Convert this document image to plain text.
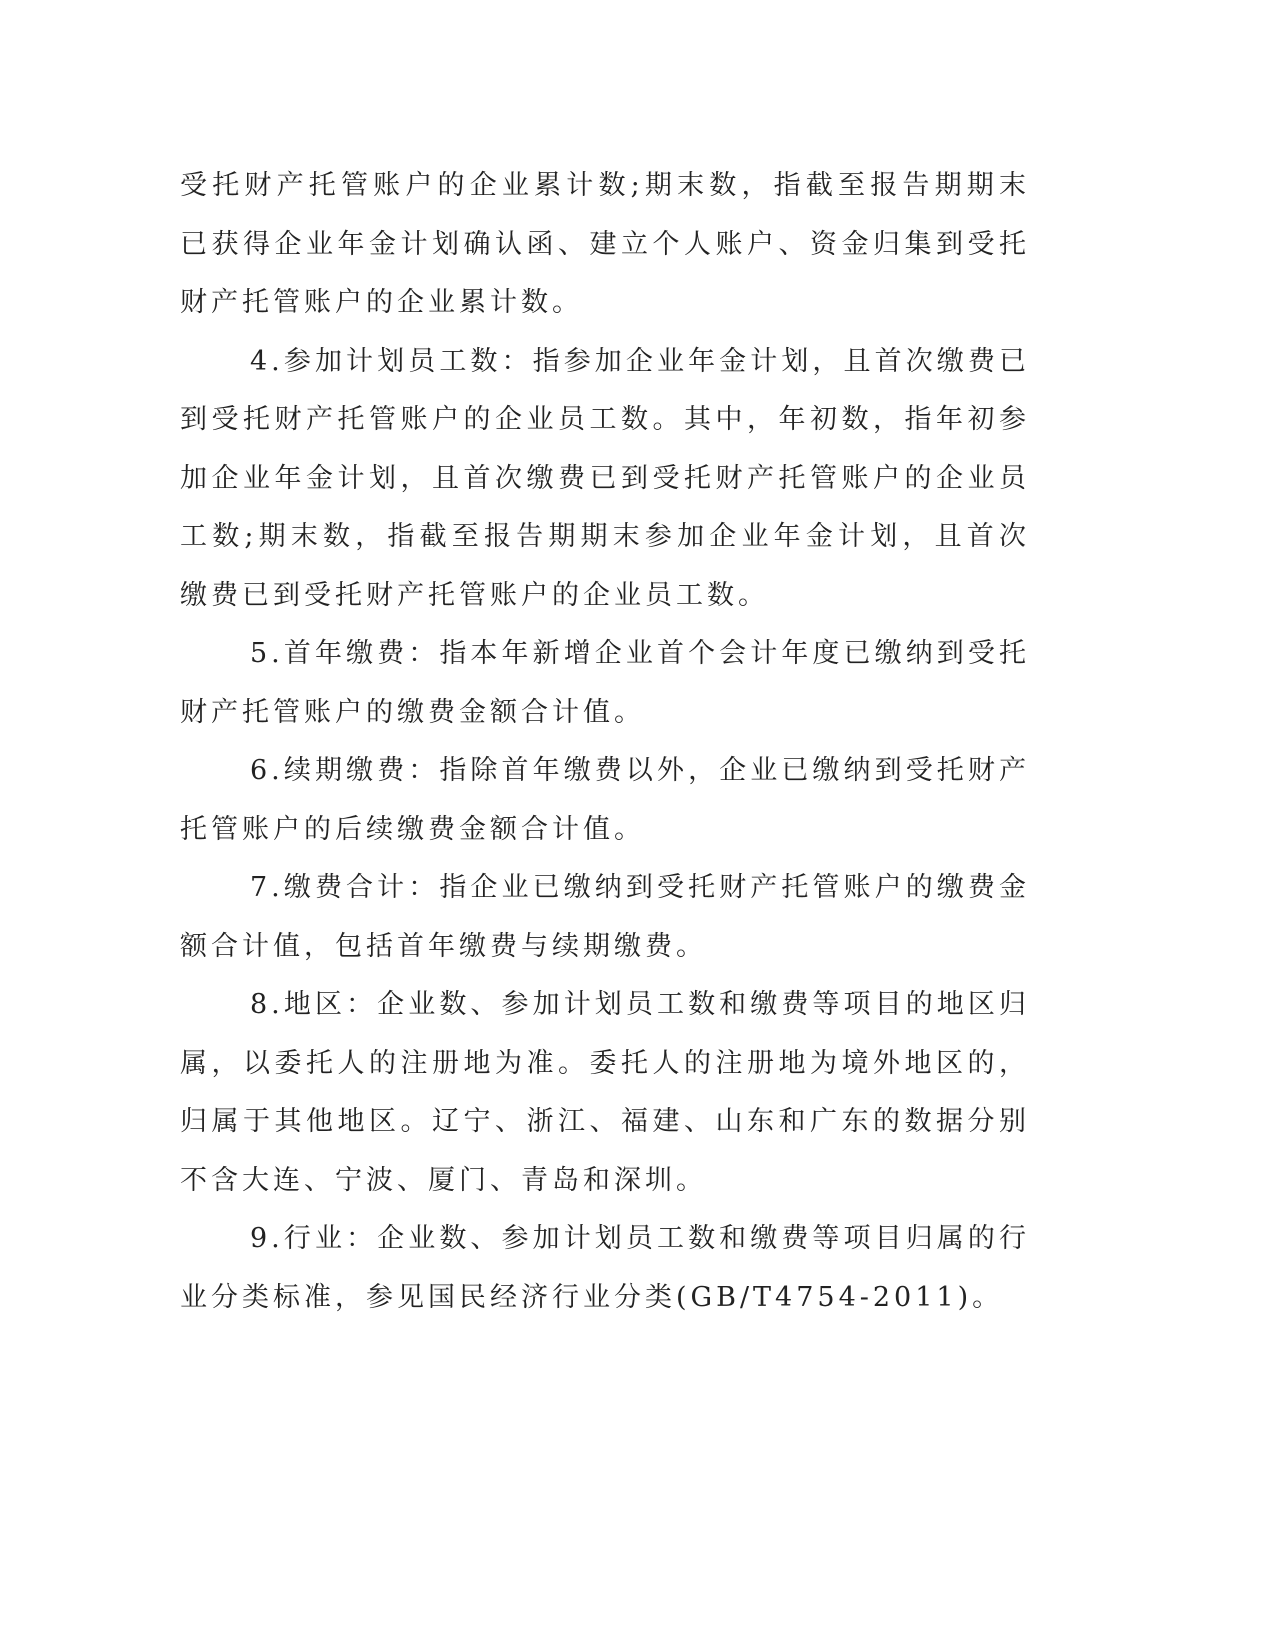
受托财产托管账户的企业累计数;期末数，指截至报告期期末已获得企业年金计划确认函、建立个人账户、资金归集到受托财产托管账户的企业累计数。

4.参加计划员工数：指参加企业年金计划，且首次缴费已到受托财产托管账户的企业员工数。其中，年初数，指年初参加企业年金计划，且首次缴费已到受托财产托管账户的企业员工数;期末数，指截至报告期期末参加企业年金计划，且首次缴费已到受托财产托管账户的企业员工数。

5.首年缴费：指本年新增企业首个会计年度已缴纳到受托财产托管账户的缴费金额合计值。

6.续期缴费：指除首年缴费以外，企业已缴纳到受托财产托管账户的后续缴费金额合计值。

7.缴费合计：指企业已缴纳到受托财产托管账户的缴费金额合计值，包括首年缴费与续期缴费。

8.地区：企业数、参加计划员工数和缴费等项目的地区归属，以委托人的注册地为准。委托人的注册地为境外地区的，归属于其他地区。辽宁、浙江、福建、山东和广东的数据分别不含大连、宁波、厦门、青岛和深圳。

9.行业：企业数、参加计划员工数和缴费等项目归属的行业分类标准，参见国民经济行业分类(GB/T4754-2011)。
